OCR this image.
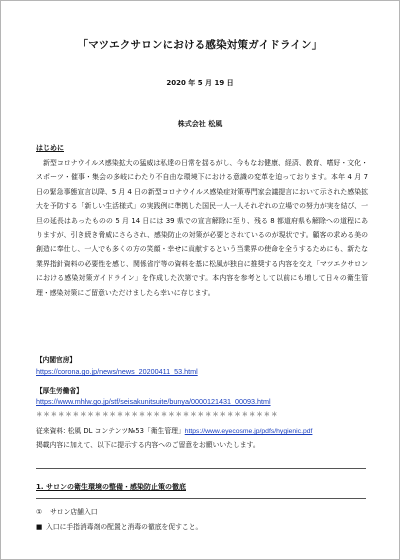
「マツエクサロンにおける感染対策ガイドライン」
2020 年 5 月 19 日
株式会社 松風
はじめに
新型コロナウイルス感染拡大の猛威は私達の日常を揺るがし、今もなお健康、経済、教育、嗜好・文化・スポーツ・催事・集会の多岐にわたり不自由な環境下における意識の変革を迫っております。本年 4 月 7 日の緊急事態宣言以降、5 月 4 日の新型コロナウイルス感染症対策専門家会議提言において示された感染拡大を予防する「新しい生活様式」の実践例に準拠した国民一人一人それぞれの立場での努力が実を結び、一旦の延長はあったものの 5 月 14 日には 39 県での宣言解除に至り、残る 8 都道府県も解除への道程にありますが、引き続き脅威にさらされ、感染防止の対策が必要とされているのが現状です。顧客の求める美の創造に奉仕し、一人でも多くの方の笑顔・幸せに貢献するという当業界の使命を全うするためにも、新たな業界指針資料の必要性を感じ、関係省庁等の資料を基に松風が独自に推奨する内容を交え「マツエクサロンにおける感染対策ガイドライン」を作成した次第です。本内容を参考として以前にも増して日々の衛生管理・感染対策にご留意いただけましたら幸いに存じます。
【内閣官房】
https://corona.go.jp/news/news_20200411_53.html
【厚生労働省】
https://www.mhlw.go.jp/stf/seisakunitsuite/bunya/0000121431_00093.html
＊＊＊＊＊＊＊＊＊＊＊＊＊＊＊＊＊＊＊＊＊＊＊＊＊＊＊＊＊＊＊＊＊
従来資料: 松風 DL コンテンツ№53「衛生管理」https://www.eyecosme.jp/pdfs/hygienic.pdf
掲載内容に加えて、以下に提示する内容へのご留意をお願いいたします。
1. サロンの衛生環境の整備・感染防止策の徹底
① サロン店舗入口
■ 入口に手指消毒剤の配置と消毒の徹底を促すこと。
